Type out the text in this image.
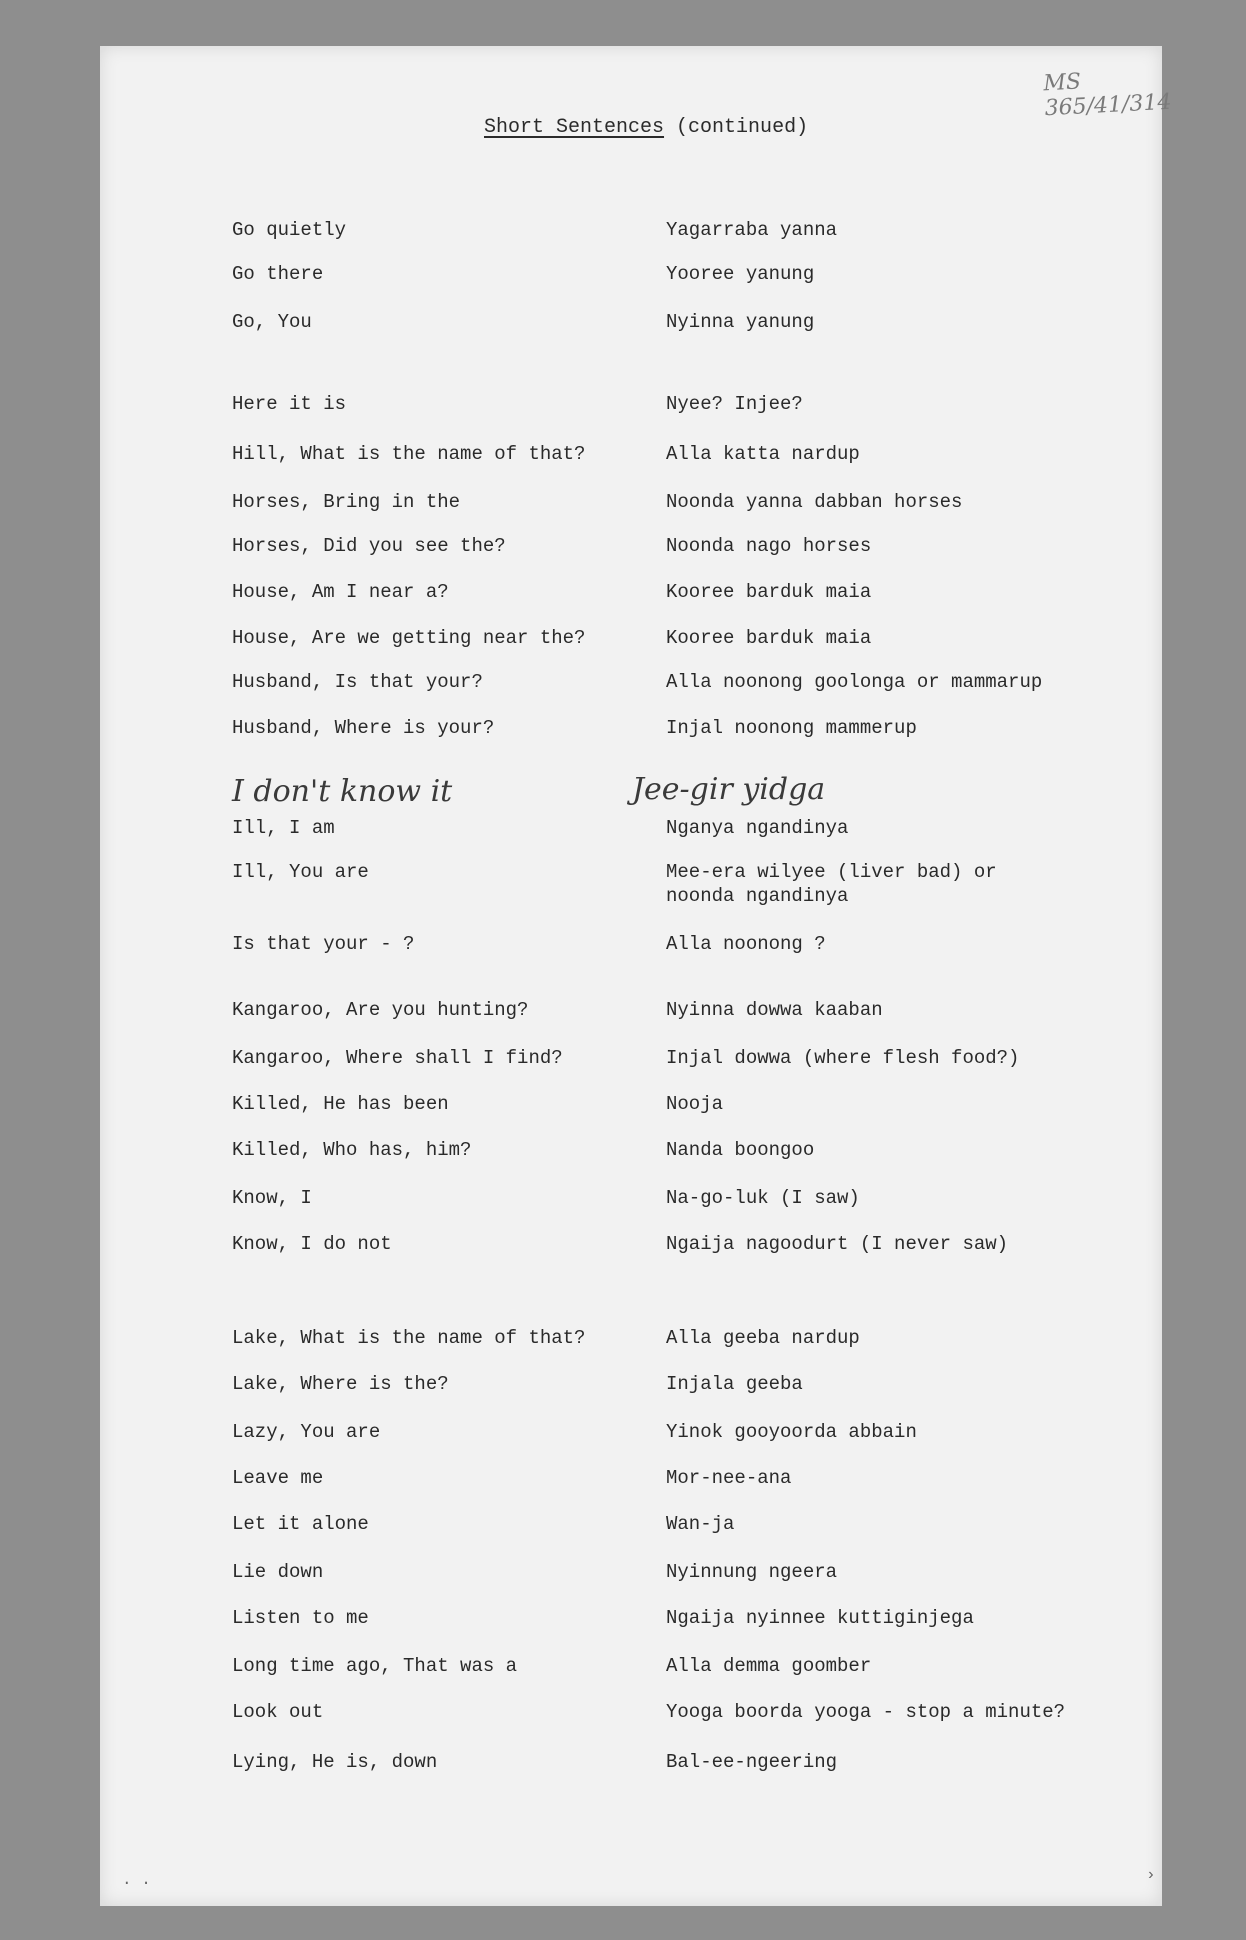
MS 365/41/314
Short Sentences (continued)
I don't know it	Jee-gir yidga
Go quietly	Yagarraba yanna
Go there	Yooree yanung
Go, You	Nyinna yanung
Here it is	Nyee? Injee?
Hill, What is the name of that?	Alla katta nardup
Horses, Bring in the	Noonda yanna dabban horses
Horses, Did you see the?	Noonda nago horses
House, Am I near a?	Kooree barduk maia
House, Are we getting near the?	Kooree barduk maia
Husband, Is that your?	Alla noonong goolonga or mammarup
Husband, Where is your?	Injal noonong mammerup
Ill, I am	Nganya ngandinya
Ill, You are	Mee-era wilyee (liver bad) or
noonda ngandinya
Is that your - ?	Alla noonong ?
Kangaroo, Are you hunting?	Nyinna dowwa kaaban
Kangaroo, Where shall I find?	Injal dowwa (where flesh food?)
Killed, He has been	Nooja
Killed, Who has, him?	Nanda boongoo
Know, I	Na-go-luk (I saw)
Know, I do not	Ngaija nagoodurt (I never saw)
Lake, What is the name of that?	Alla geeba nardup
Lake, Where is the?	Injala geeba
Lazy, You are	Yinok gooyoorda abbain
Leave me	Mor-nee-ana
Let it alone	Wan-ja
Lie down	Nyinnung ngeera
Listen to me	Ngaija nyinnee kuttiginjega
Long time ago, That was a	Alla demma goomber
Look out	Yooga boorda yooga - stop a minute?
Lying, He is, down	Bal-ee-ngeering
· ·	›
